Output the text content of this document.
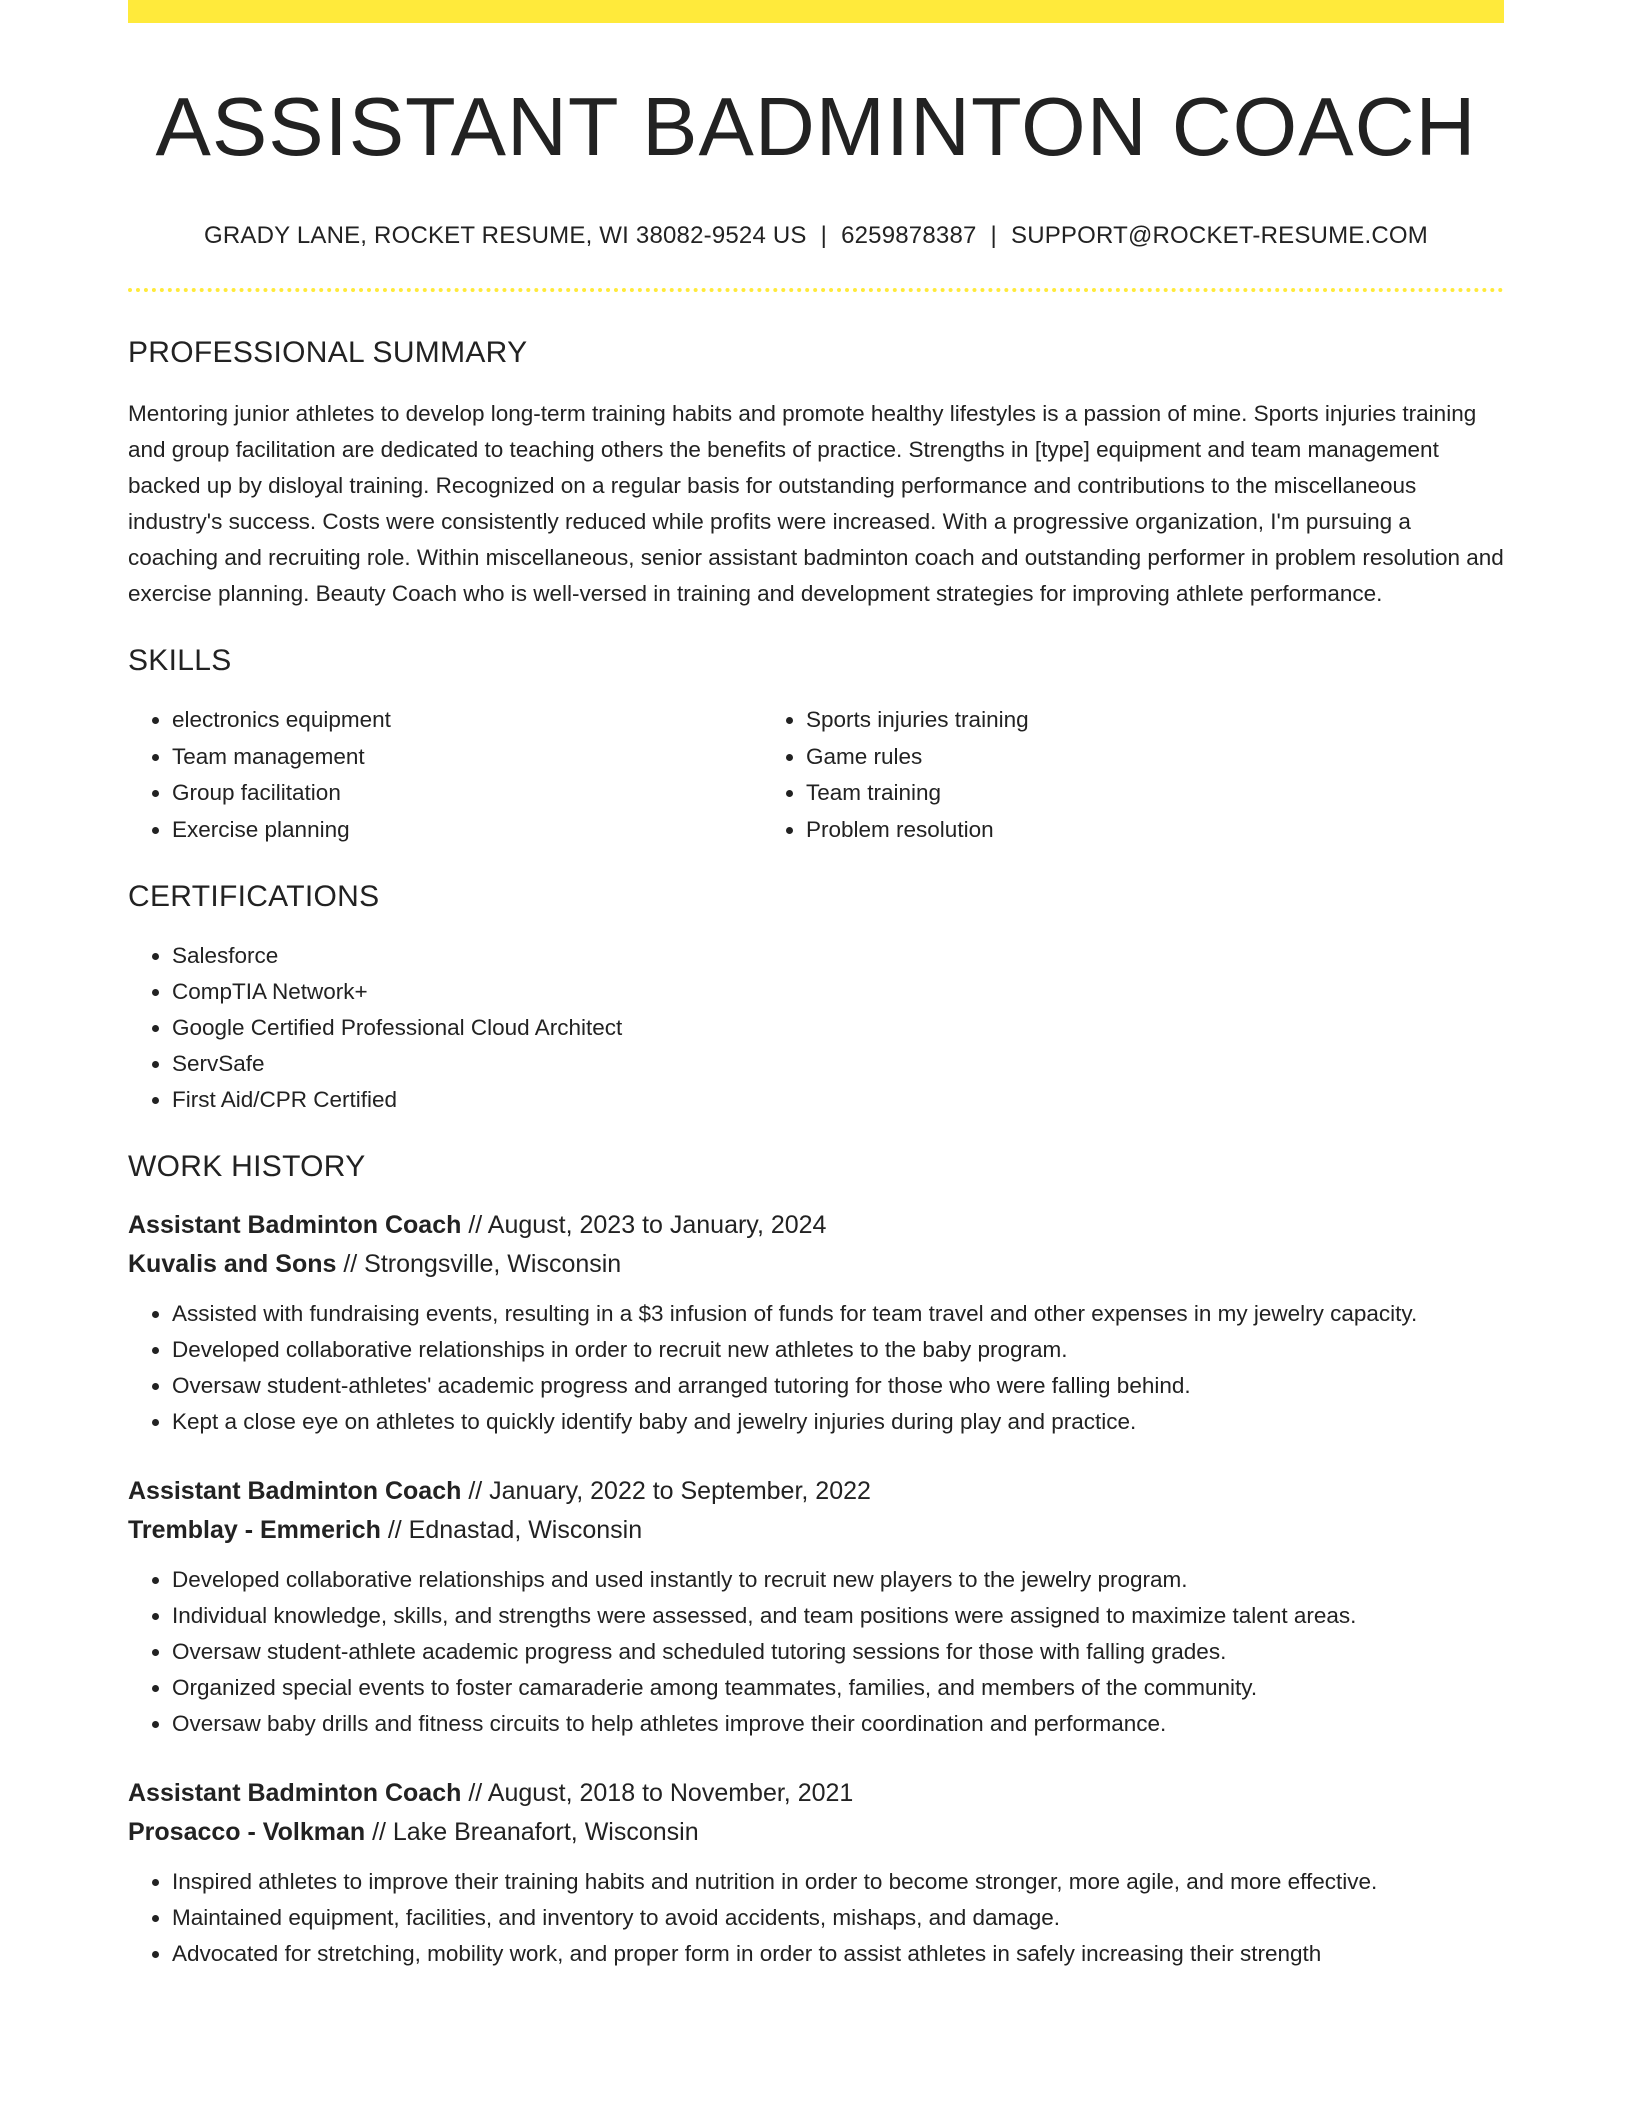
ASSISTANT BADMINTON COACH
GRADY LANE, ROCKET RESUME, WI 38082-9524 US | 6259878387 | SUPPORT@ROCKET-RESUME.COM
PROFESSIONAL SUMMARY
Mentoring junior athletes to develop long-term training habits and promote healthy lifestyles is a passion of mine. Sports injuries training and group facilitation are dedicated to teaching others the benefits of practice. Strengths in [type] equipment and team management backed up by disloyal training. Recognized on a regular basis for outstanding performance and contributions to the miscellaneous industry's success. Costs were consistently reduced while profits were increased. With a progressive organization, I'm pursuing a coaching and recruiting role. Within miscellaneous, senior assistant badminton coach and outstanding performer in problem resolution and exercise planning. Beauty Coach who is well-versed in training and development strategies for improving athlete performance.
SKILLS
• electronics equipment
• Team management
• Group facilitation
• Exercise planning
• Sports injuries training
• Game rules
• Team training
• Problem resolution
CERTIFICATIONS
• Salesforce
• CompTIA Network+
• Google Certified Professional Cloud Architect
• ServSafe
• First Aid/CPR Certified
WORK HISTORY
Assistant Badminton Coach // August, 2023 to January, 2024
Kuvalis and Sons // Strongsville, Wisconsin
• Assisted with fundraising events, resulting in a $3 infusion of funds for team travel and other expenses in my jewelry capacity.
• Developed collaborative relationships in order to recruit new athletes to the baby program.
• Oversaw student-athletes' academic progress and arranged tutoring for those who were falling behind.
• Kept a close eye on athletes to quickly identify baby and jewelry injuries during play and practice.
Assistant Badminton Coach // January, 2022 to September, 2022
Tremblay - Emmerich // Ednastad, Wisconsin
• Developed collaborative relationships and used instantly to recruit new players to the jewelry program.
• Individual knowledge, skills, and strengths were assessed, and team positions were assigned to maximize talent areas.
• Oversaw student-athlete academic progress and scheduled tutoring sessions for those with falling grades.
• Organized special events to foster camaraderie among teammates, families, and members of the community.
• Oversaw baby drills and fitness circuits to help athletes improve their coordination and performance.
Assistant Badminton Coach // August, 2018 to November, 2021
Prosacco - Volkman // Lake Breanafort, Wisconsin
• Inspired athletes to improve their training habits and nutrition in order to become stronger, more agile, and more effective.
• Maintained equipment, facilities, and inventory to avoid accidents, mishaps, and damage.
• Advocated for stretching, mobility work, and proper form in order to assist athletes in safely increasing their strength
